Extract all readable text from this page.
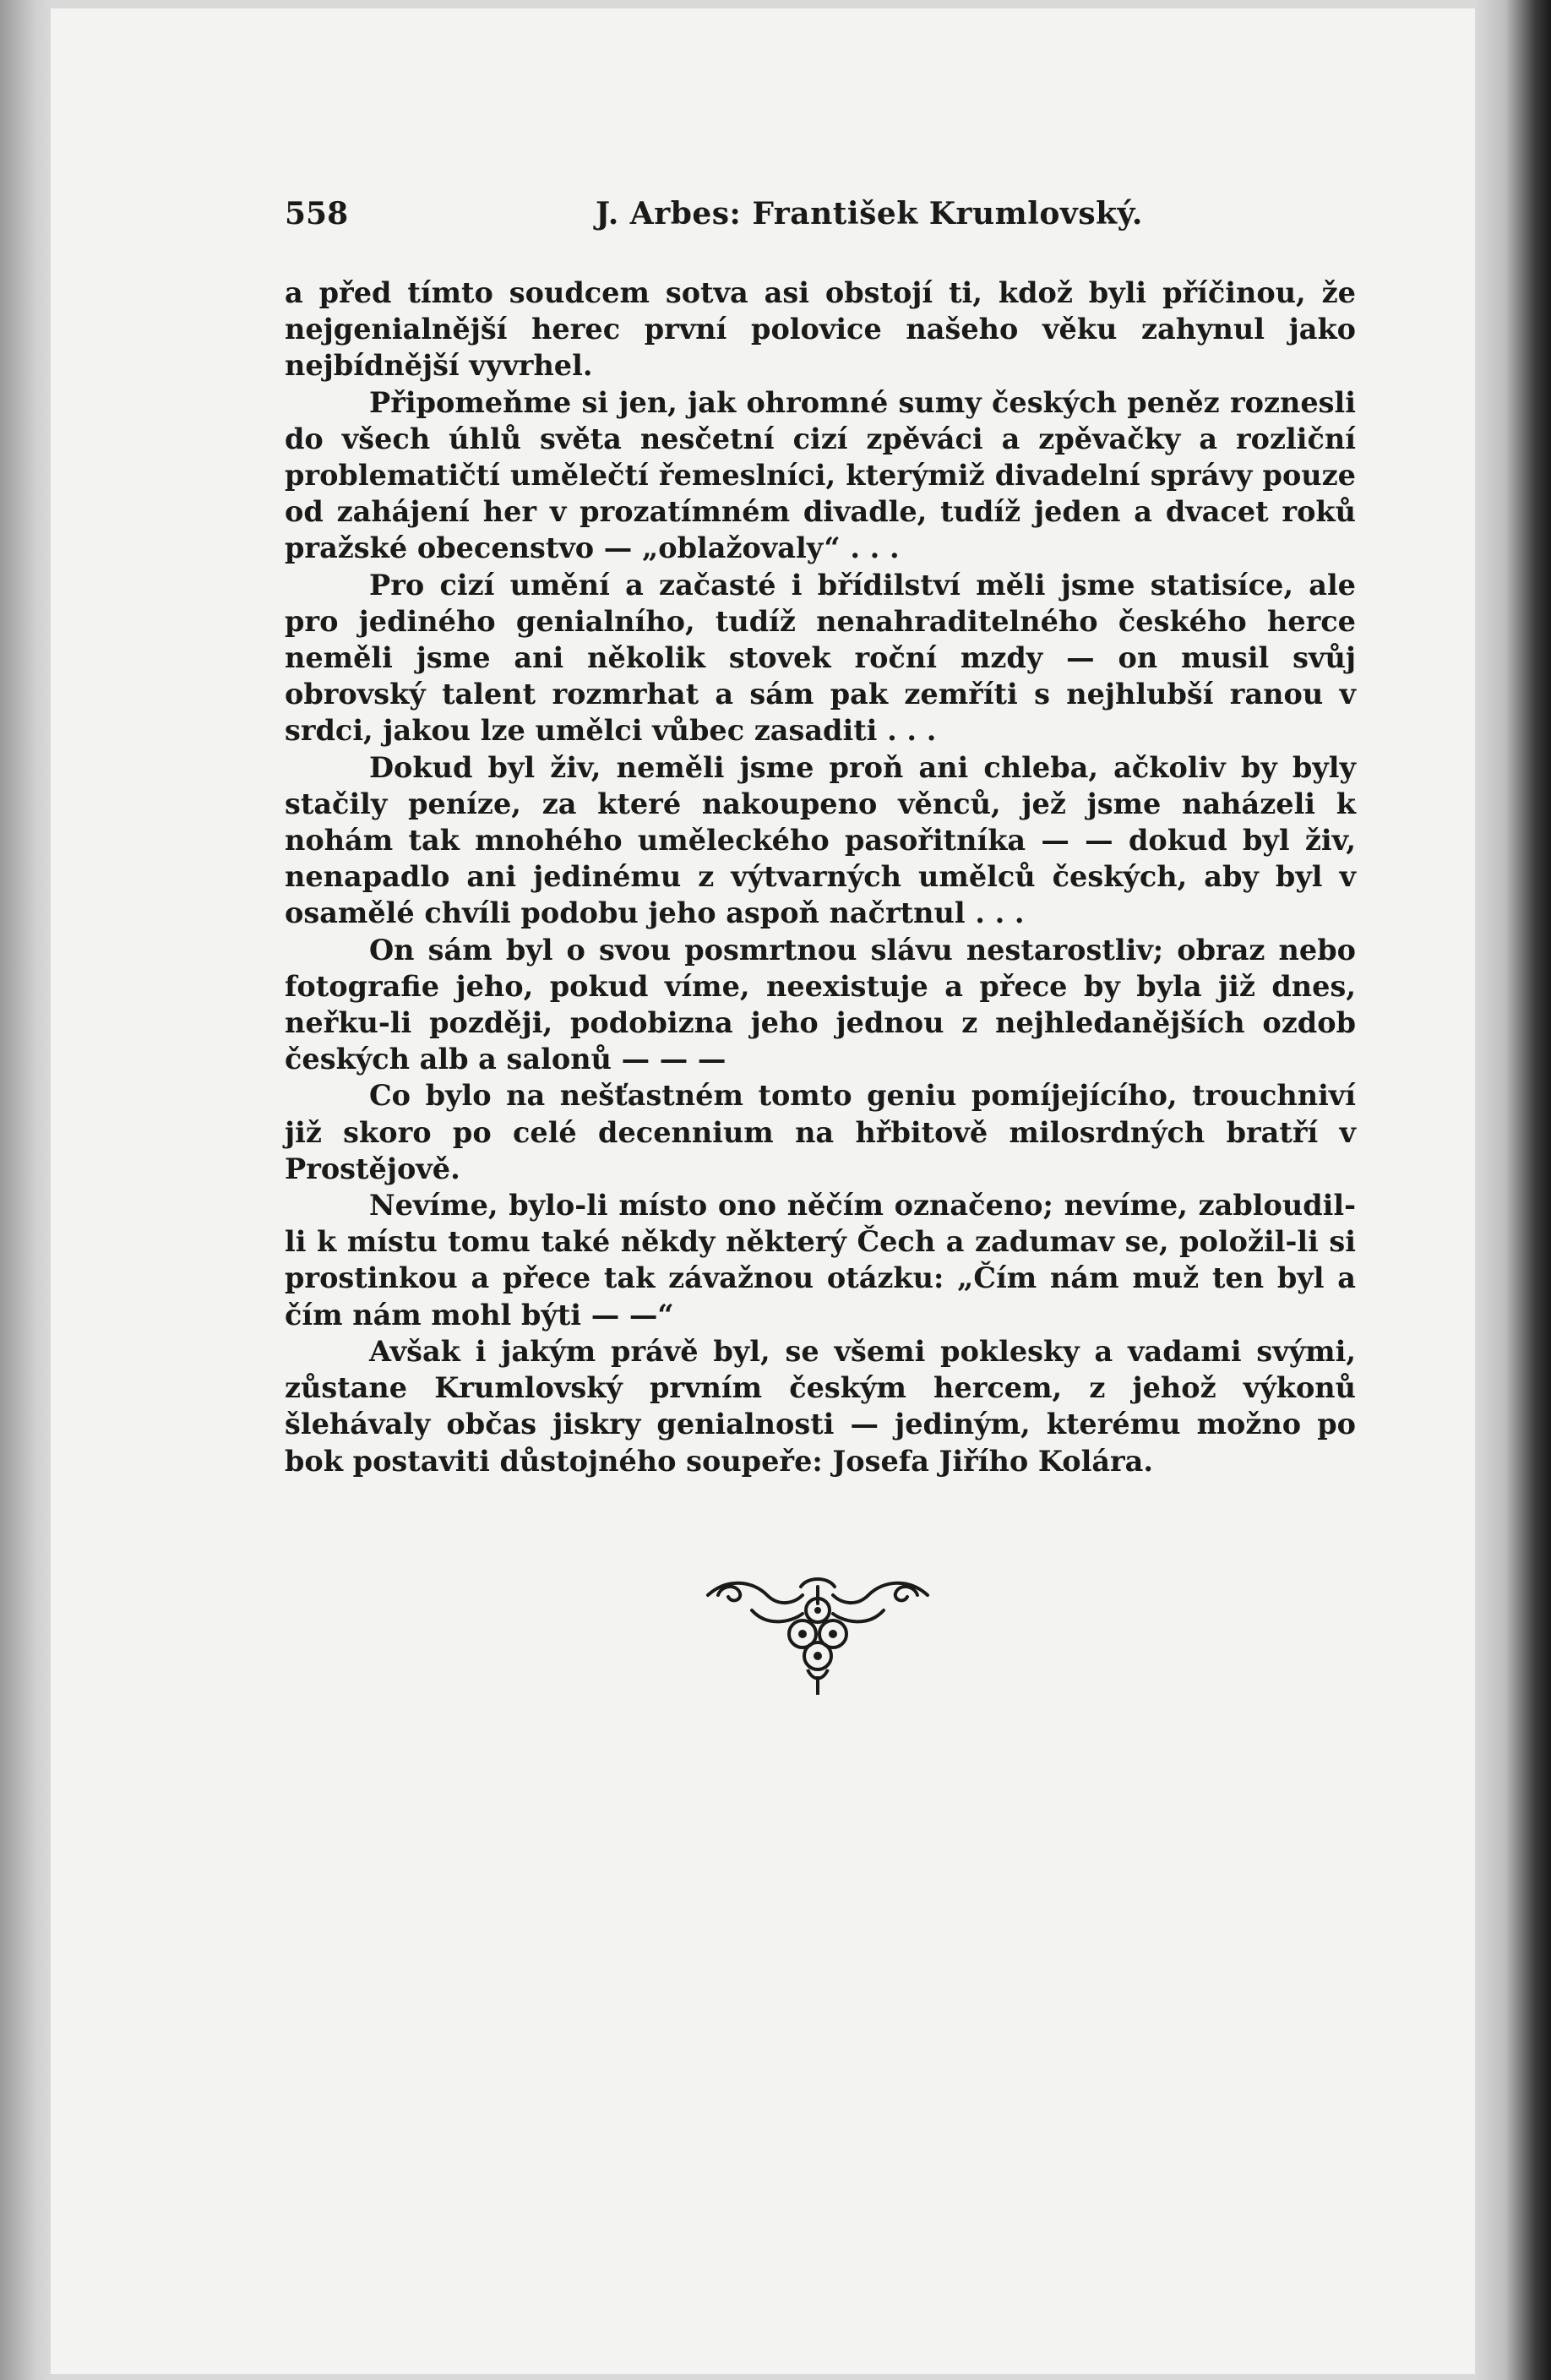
558	J. Arbes: František Krumlovský.

a před tímto soudcem sotva asi obstojí ti, kdož byli příčinou, že nejgenialnější herec první polovice našeho věku zahynul jako nejbídnější vyvrhel.

Připomeňme si jen, jak ohromné sumy českých peněz roznesli do všech úhlů světa nesčetní cizí zpěváci a zpěvačky a rozliční problematičtí umělečtí řemeslníci, kterýmiž divadelní správy pouze od zahájení her v prozatímném divadle, tudíž jeden a dvacet roků pražské obecenstvo — „oblažovaly“ . . .

Pro cizí umění a začasté i břídilství měli jsme statisíce, ale pro jediného genialního, tudíž nenahraditelného českého herce neměli jsme ani několik stovek roční mzdy — on musil svůj obrovský talent rozmrhat a sám pak zemříti s nejhlubší ranou v srdci, jakou lze umělci vůbec zasaditi . . .

Dokud byl živ, neměli jsme proň ani chleba, ačkoliv by byly stačily peníze, za které nakoupeno věnců, jež jsme naházeli k nohám tak mnohého uměleckého pasořitníka — — dokud byl živ, nenapadlo ani jedinému z výtvarných umělců českých, aby byl v osamělé chvíli podobu jeho aspoň načrtnul . . .

On sám byl o svou posmrtnou slávu nestarostliv; obraz nebo fotografie jeho, pokud víme, neexistuje a přece by byla již dnes, neřku-li později, podobizna jeho jednou z nejhledanějších ozdob českých alb a salonů — — —

Co bylo na nešťastném tomto geniu pomíjejícího, trouchniví již skoro po celé decennium na hřbitově milosrdných bratří v Prostějově.

Nevíme, bylo-li místo ono něčím označeno; nevíme, zabloudil-li k místu tomu také někdy některý Čech a zadumav se, položil-li si prostinkou a přece tak závažnou otázku: „Čím nám muž ten byl a čím nám mohl býti — —“

Avšak i jakým právě byl, se všemi poklesky a vadami svými, zůstane Krumlovský prvním českým hercem, z jehož výkonů šlehávaly občas jiskry genialnosti — jediným, kterému možno po bok postaviti důstojného soupeře: Josefa Jiřího Kolára.
